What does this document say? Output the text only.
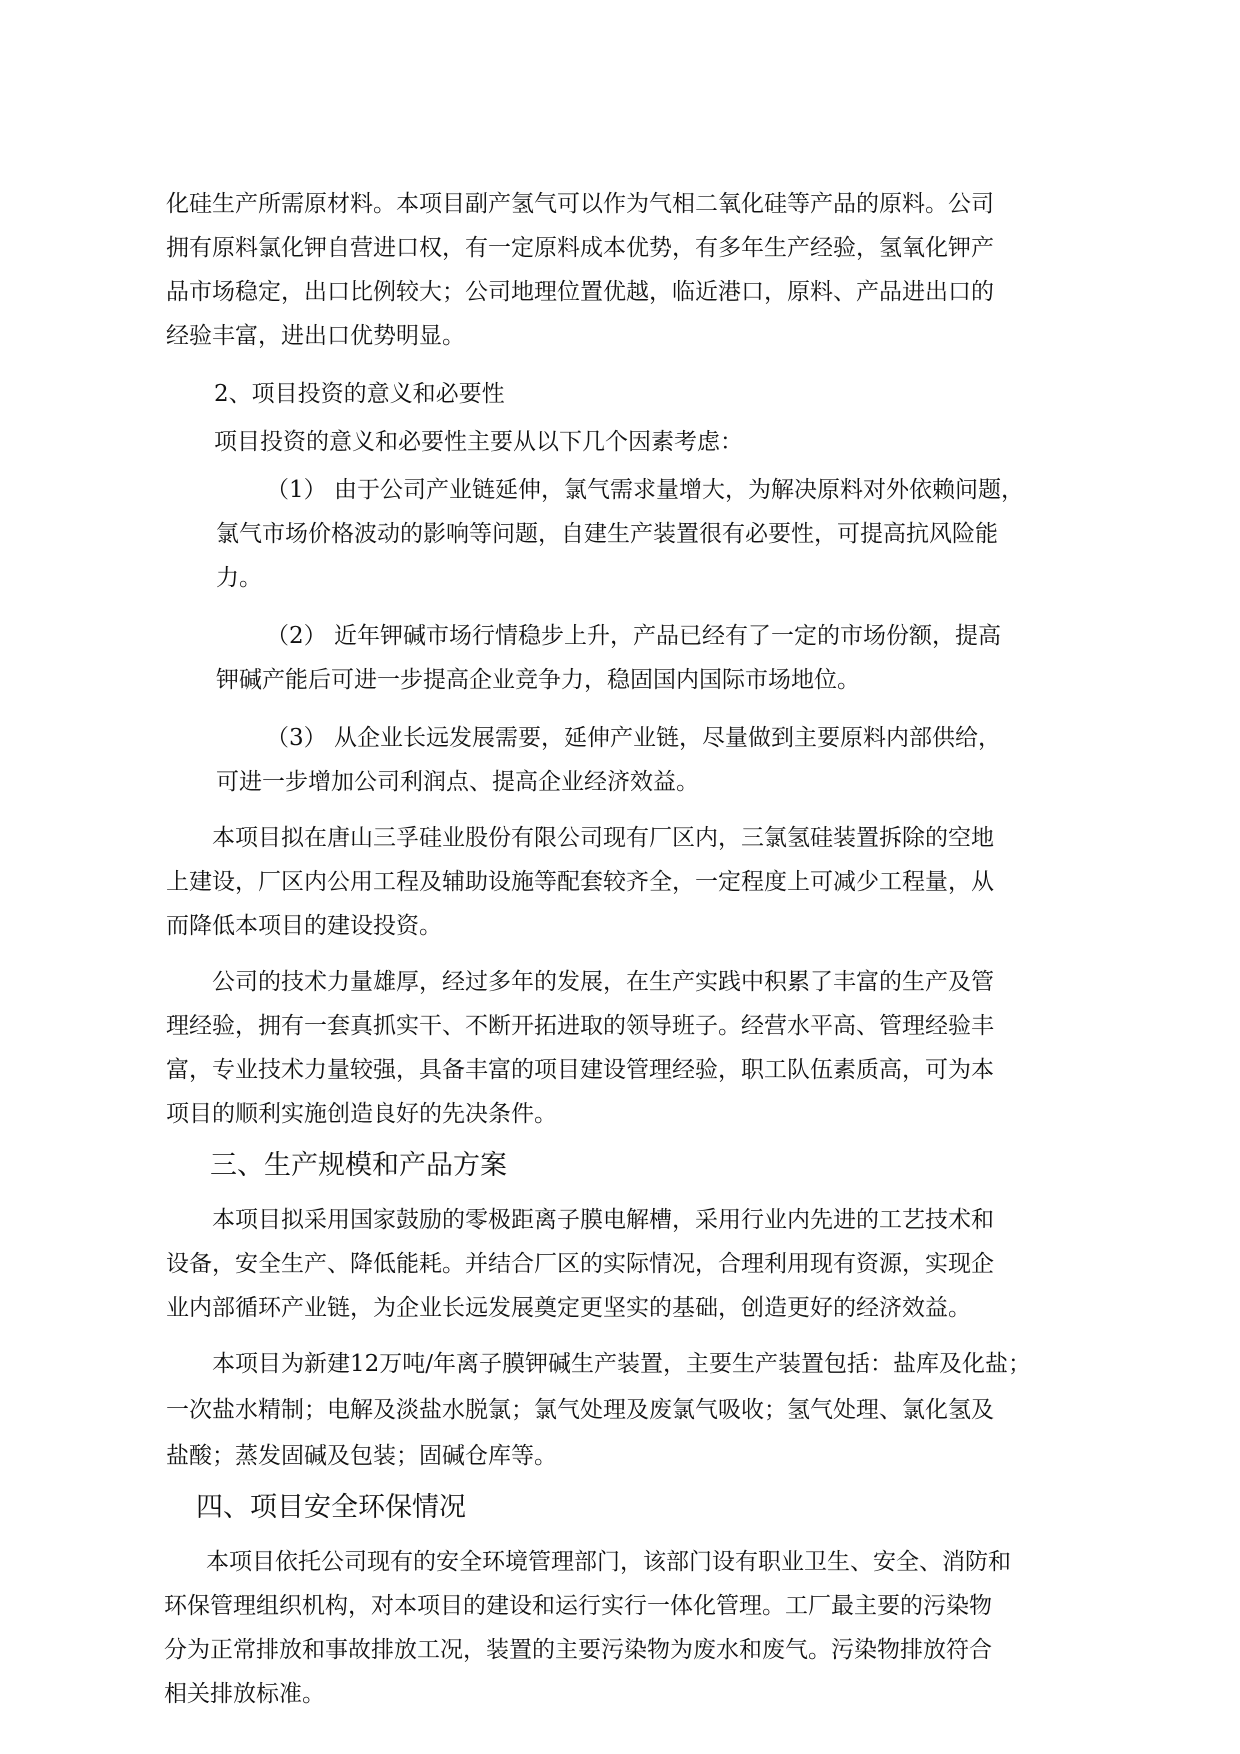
化硅生产所需原材料。本项目副产氢气可以作为气相二氧化硅等产品的原料。公司
拥有原料氯化钾自营进口权，有一定原料成本优势，有多年生产经验，氢氧化钾产
品市场稳定，出口比例较大；公司地理位置优越，临近港口，原料、产品进出口的
经验丰富，进出口优势明显。
2、项目投资的意义和必要性
项目投资的意义和必要性主要从以下几个因素考虑：
（1） 由于公司产业链延伸，氯气需求量增大，为解决原料对外依赖问题，
氯气市场价格波动的影响等问题，自建生产装置很有必要性，可提高抗风险能
力。
（2） 近年钾碱市场行情稳步上升，产品已经有了一定的市场份额，提高
钾碱产能后可进一步提高企业竞争力，稳固国内国际市场地位。
（3） 从企业长远发展需要，延伸产业链，尽量做到主要原料内部供给，
可进一步增加公司利润点、提高企业经济效益。
本项目拟在唐山三孚硅业股份有限公司现有厂区内，三氯氢硅装置拆除的空地
上建设，厂区内公用工程及辅助设施等配套较齐全，一定程度上可减少工程量，从
而降低本项目的建设投资。
公司的技术力量雄厚，经过多年的发展，在生产实践中积累了丰富的生产及管
理经验，拥有一套真抓实干、不断开拓进取的领导班子。经营水平高、管理经验丰
富，专业技术力量较强，具备丰富的项目建设管理经验，职工队伍素质高，可为本
项目的顺利实施创造良好的先决条件。
三、生产规模和产品方案
本项目拟采用国家鼓励的零极距离子膜电解槽，采用行业内先进的工艺技术和
设备，安全生产、降低能耗。并结合厂区的实际情况，合理利用现有资源，实现企
业内部循环产业链，为企业长远发展奠定更坚实的基础，创造更好的经济效益。
本项目为新建12万吨/年离子膜钾碱生产装置，主要生产装置包括：盐库及化盐；
一次盐水精制；电解及淡盐水脱氯；氯气处理及废氯气吸收；氢气处理、氯化氢及
盐酸；蒸发固碱及包装；固碱仓库等。
四、项目安全环保情况
本项目依托公司现有的安全环境管理部门，该部门设有职业卫生、安全、消防和
环保管理组织机构，对本项目的建设和运行实行一体化管理。工厂最主要的污染物
分为正常排放和事故排放工况，装置的主要污染物为废水和废气。污染物排放符合
相关排放标准。
